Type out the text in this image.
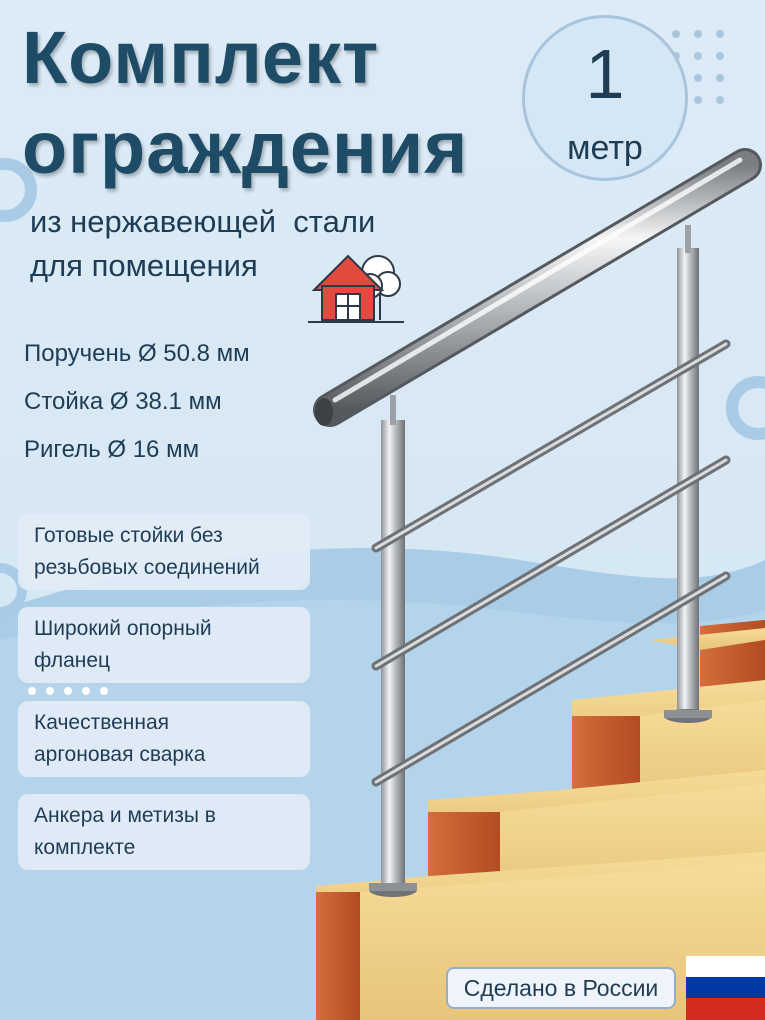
Комплект
ограждения
1
метр
из нержавеющей  стали
для помещения
Поручень Ø 50.8 мм
Стойка Ø 38.1 мм
Ригель Ø 16 мм
Готовые стойки без
резьбовых соединений
Широкий опорный
фланец
Качественная
аргоновая сварка
Анкера и метизы в
комплекте
Сделано в России
